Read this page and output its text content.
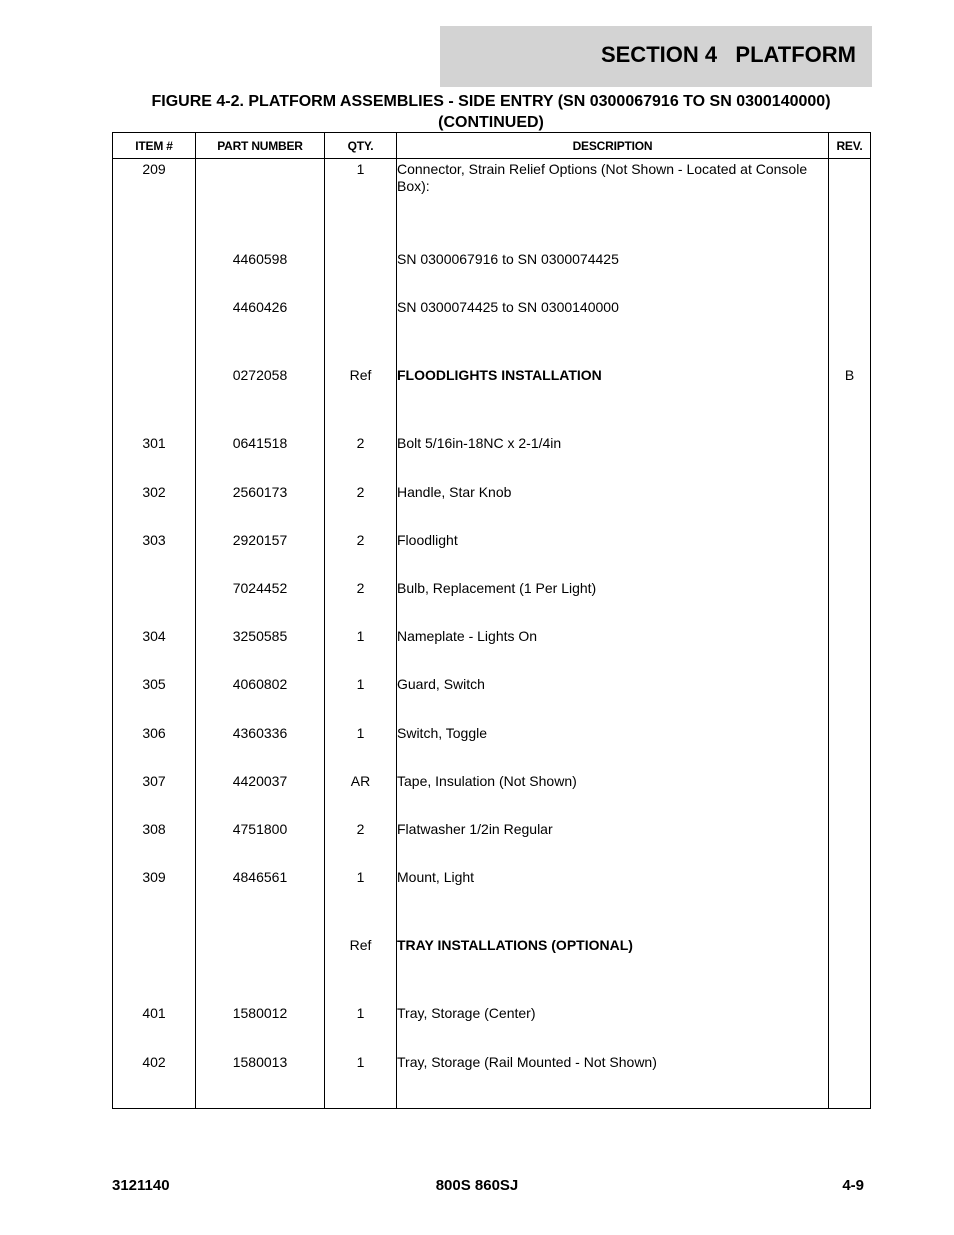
SECTION 4   PLATFORM
FIGURE 4-2. PLATFORM ASSEMBLIES - SIDE ENTRY (SN 0300067916 TO SN 0300140000)
(CONTINUED)
ITEM #	PART NUMBER	QTY.	DESCRIPTION	REV.
209		1	Connector, Strain Relief Options (Not Shown - Located at Console Box):	
	4460598		SN 0300067916 to SN 0300074425	
	4460426		SN 0300074425 to SN 0300140000	

	0272058	Ref	FLOODLIGHTS INSTALLATION	B

301	0641518	2	Bolt 5/16in-18NC x 2-1/4in	
302	2560173	2	Handle, Star Knob	
303	2920157	2	Floodlight	
	7024452	2	Bulb, Replacement (1 Per Light)	
304	3250585	1	Nameplate - Lights On	
305	4060802	1	Guard, Switch	
306	4360336	1	Switch, Toggle	
307	4420037	AR	Tape, Insulation (Not Shown)	
308	4751800	2	Flatwasher 1/2in Regular	
309	4846561	1	Mount, Light	

		Ref	TRAY INSTALLATIONS (OPTIONAL)	

401	1580012	1	Tray, Storage (Center)	
402	1580013	1	Tray, Storage (Rail Mounted - Not Shown)	

3121140	800S 860SJ	4-9
